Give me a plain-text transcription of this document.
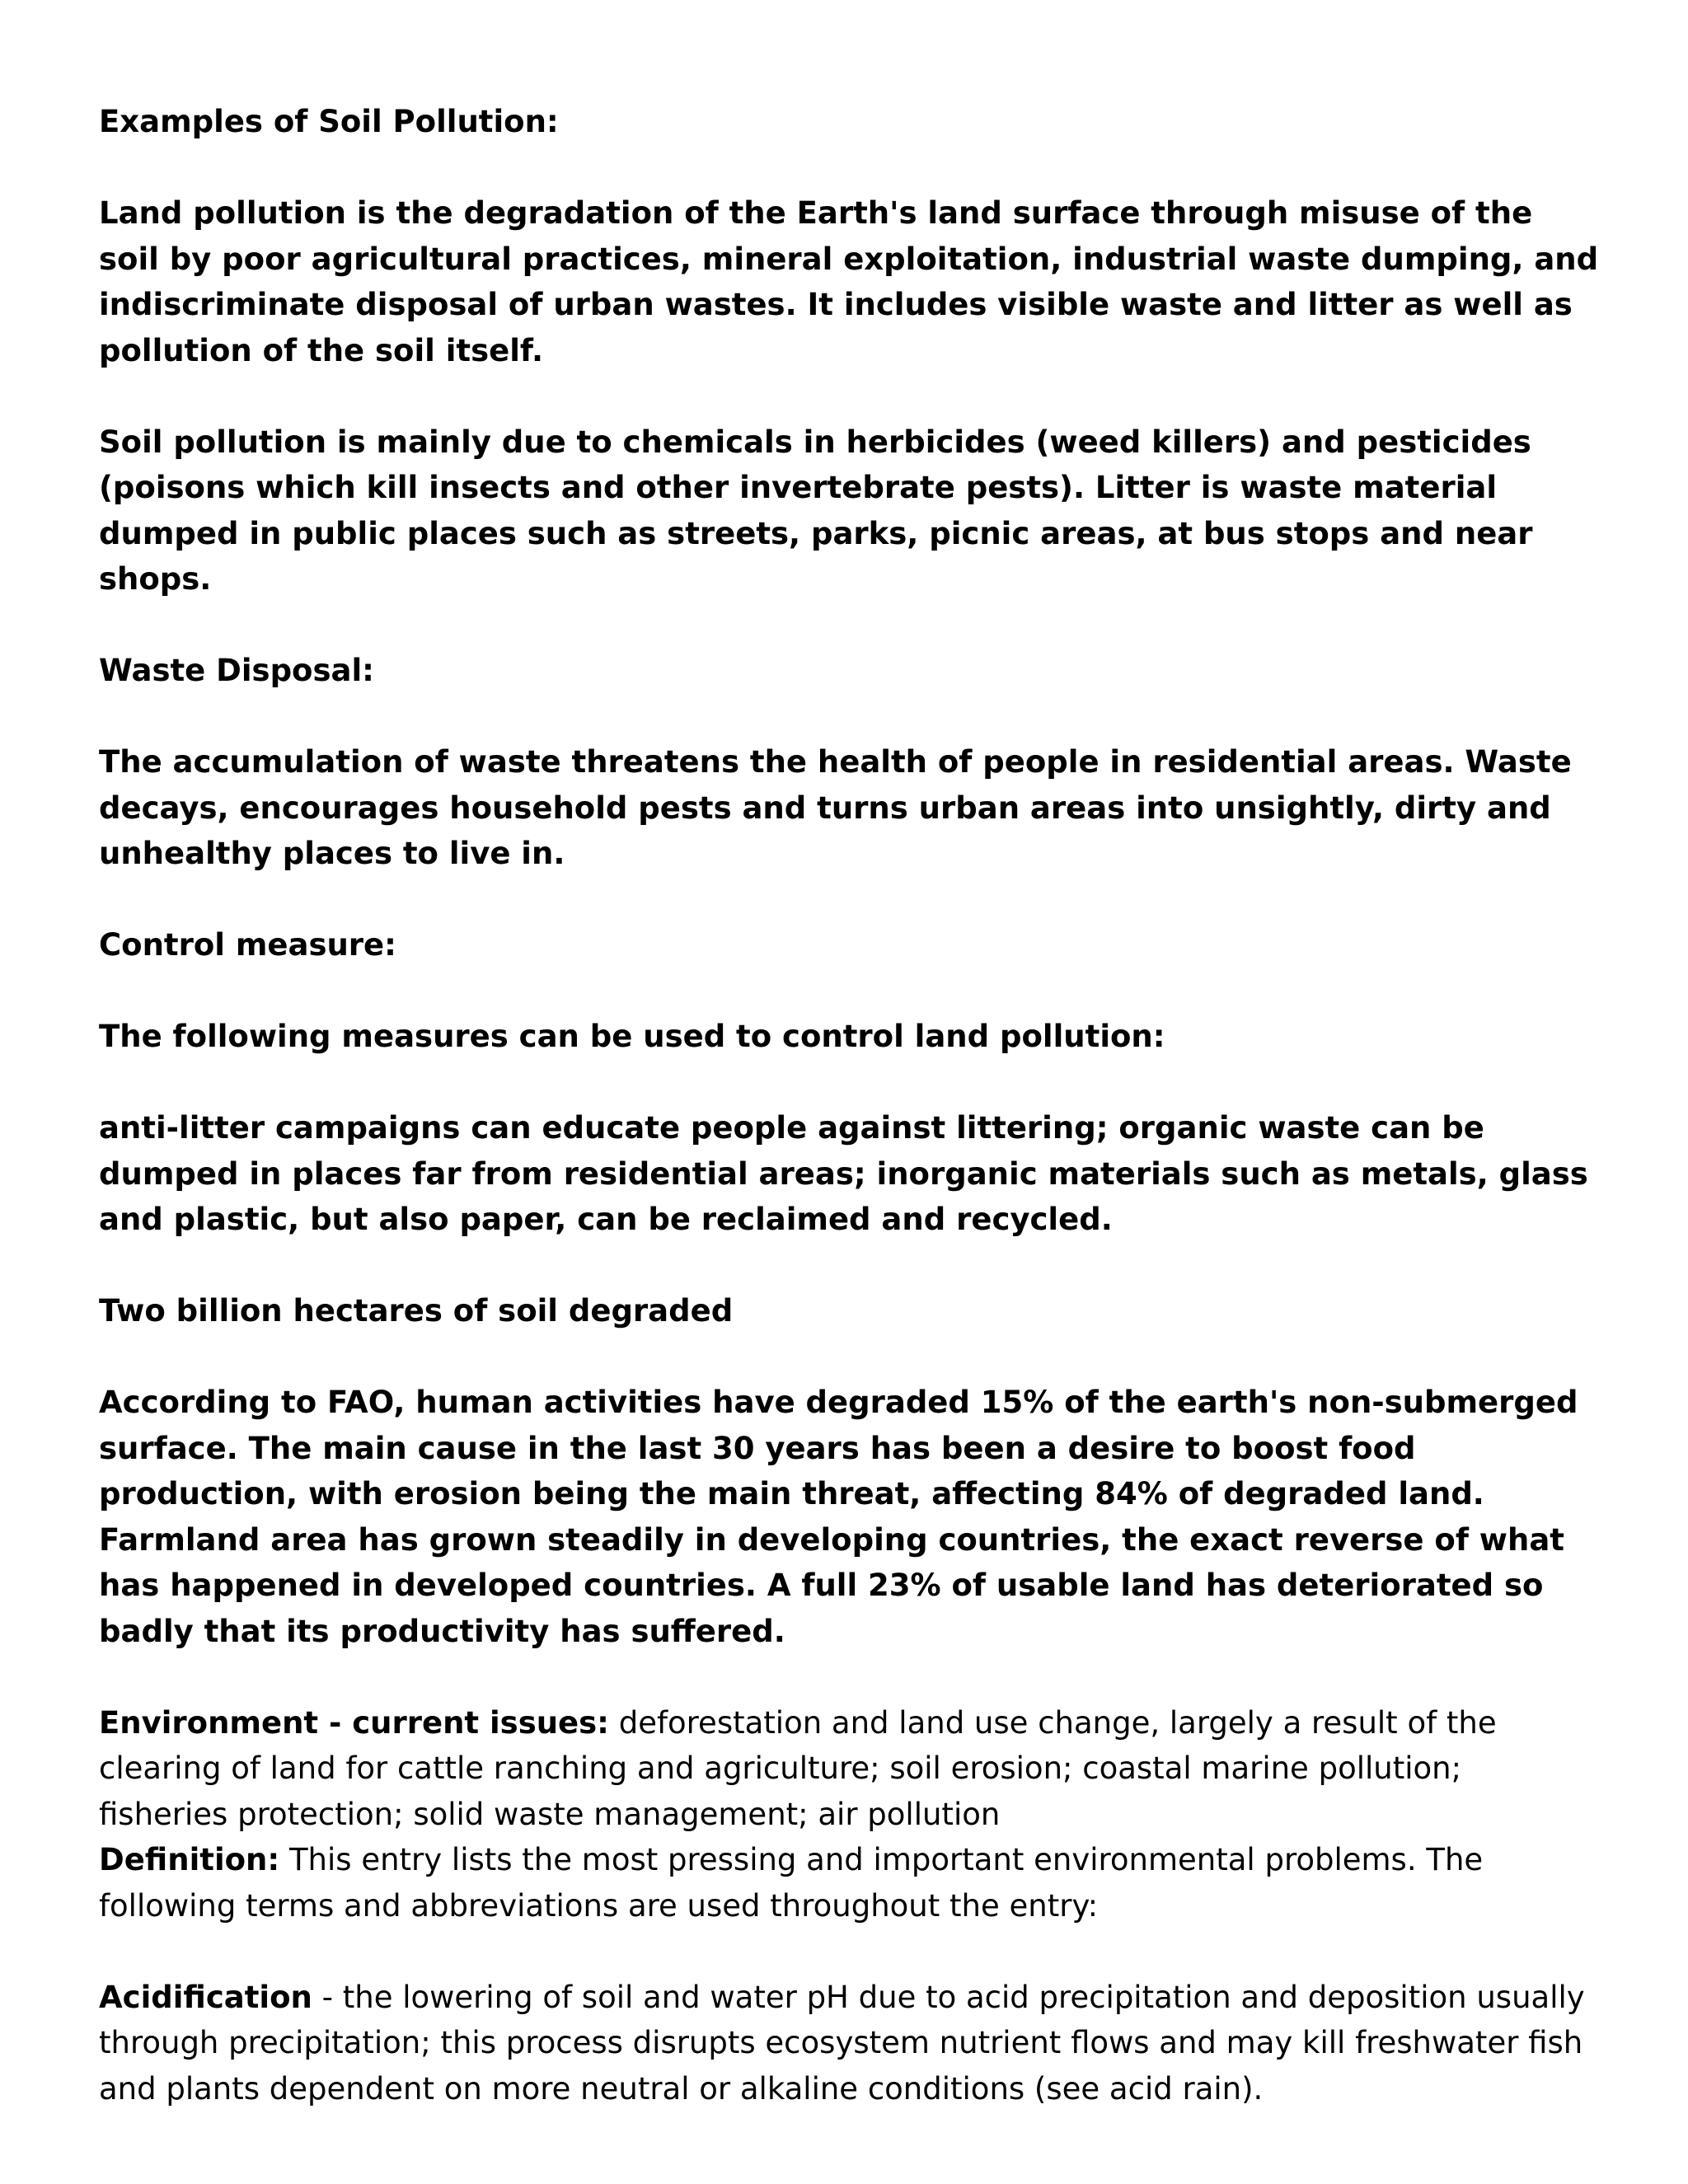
Examples of Soil Pollution:

Land pollution is the degradation of the Earth's land surface through misuse of the soil by poor agricultural practices, mineral exploitation, industrial waste dumping, and indiscriminate disposal of urban wastes. It includes visible waste and litter as well as pollution of the soil itself.

Soil pollution is mainly due to chemicals in herbicides (weed killers) and pesticides (poisons which kill insects and other invertebrate pests). Litter is waste material dumped in public places such as streets, parks, picnic areas, at bus stops and near shops.

Waste Disposal:

The accumulation of waste threatens the health of people in residential areas. Waste decays, encourages household pests and turns urban areas into unsightly, dirty and unhealthy places to live in.

Control measure:

The following measures can be used to control land pollution:

anti-litter campaigns can educate people against littering; organic waste can be dumped in places far from residential areas; inorganic materials such as metals, glass and plastic, but also paper, can be reclaimed and recycled.

Two billion hectares of soil degraded

According to FAO, human activities have degraded 15% of the earth's non-submerged surface. The main cause in the last 30 years has been a desire to boost food production, with erosion being the main threat, affecting 84% of degraded land. Farmland area has grown steadily in developing countries, the exact reverse of what has happened in developed countries. A full 23% of usable land has deteriorated so badly that its productivity has suffered.

Environment - current issues: deforestation and land use change, largely a result of the clearing of land for cattle ranching and agriculture; soil erosion; coastal marine pollution; fisheries protection; solid waste management; air pollution

Definition: This entry lists the most pressing and important environmental problems. The following terms and abbreviations are used throughout the entry:

Acidification - the lowering of soil and water pH due to acid precipitation and deposition usually through precipitation; this process disrupts ecosystem nutrient flows and may kill freshwater fish and plants dependent on more neutral or alkaline conditions (see acid rain).
